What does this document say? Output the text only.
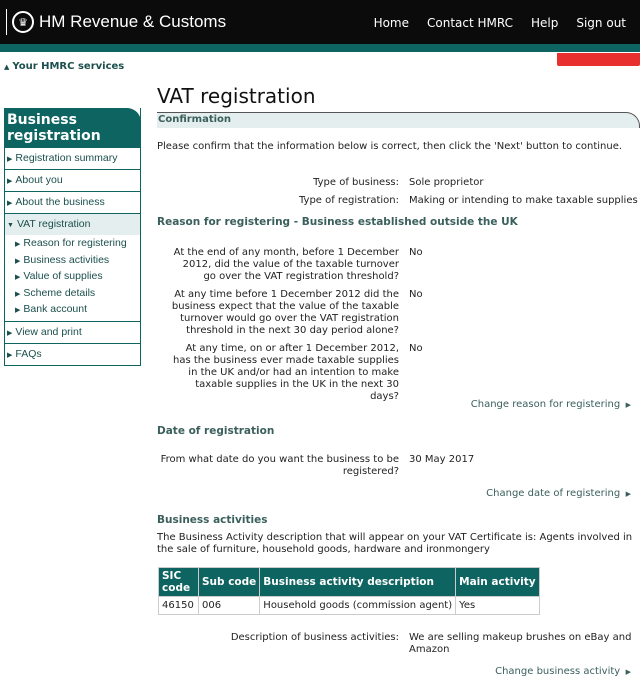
♛ HM Revenue & Customs	Home Contact HMRC Help Sign out
▲ Your HMRC services
Business registration
▶ Registration summary
▶ About you
▶ About the business
▼ VAT registration
▶ Reason for registering
▶ Business activities
▶ Value of supplies
▶ Scheme details
▶ Bank account
▶ View and print
▶ FAQs
VAT registration
Confirmation
Please confirm that the information below is correct, then click the 'Next' button to continue.
Type of business: Sole proprietor
Type of registration: Making or intending to make taxable supplies
Reason for registering - Business established outside the UK
At the end of any month, before 1 December 2012, did the value of the taxable turnover go over the VAT registration threshold?
No
At any time before 1 December 2012 did the business expect that the value of the taxable turnover would go over the VAT registration threshold in the next 30 day period alone?
No
At any time, on or after 1 December 2012, has the business ever made taxable supplies in the UK and/or had an intention to make taxable supplies in the UK in the next 30 days?
No
Change reason for registering  ▶
Date of registration
From what date do you want the business to be registered?
30 May 2017
Change date of registering  ▶
Business activities
The Business Activity description that will appear on your VAT Certificate is: Agents involved in the sale of furniture, household goods, hardware and ironmongery
SIC code	Sub code	Business activity description	Main activity
46150	006	Household goods (commission agent)	Yes
Description of business activities: We are selling makeup brushes on eBay and Amazon
Change business activity  ▶
